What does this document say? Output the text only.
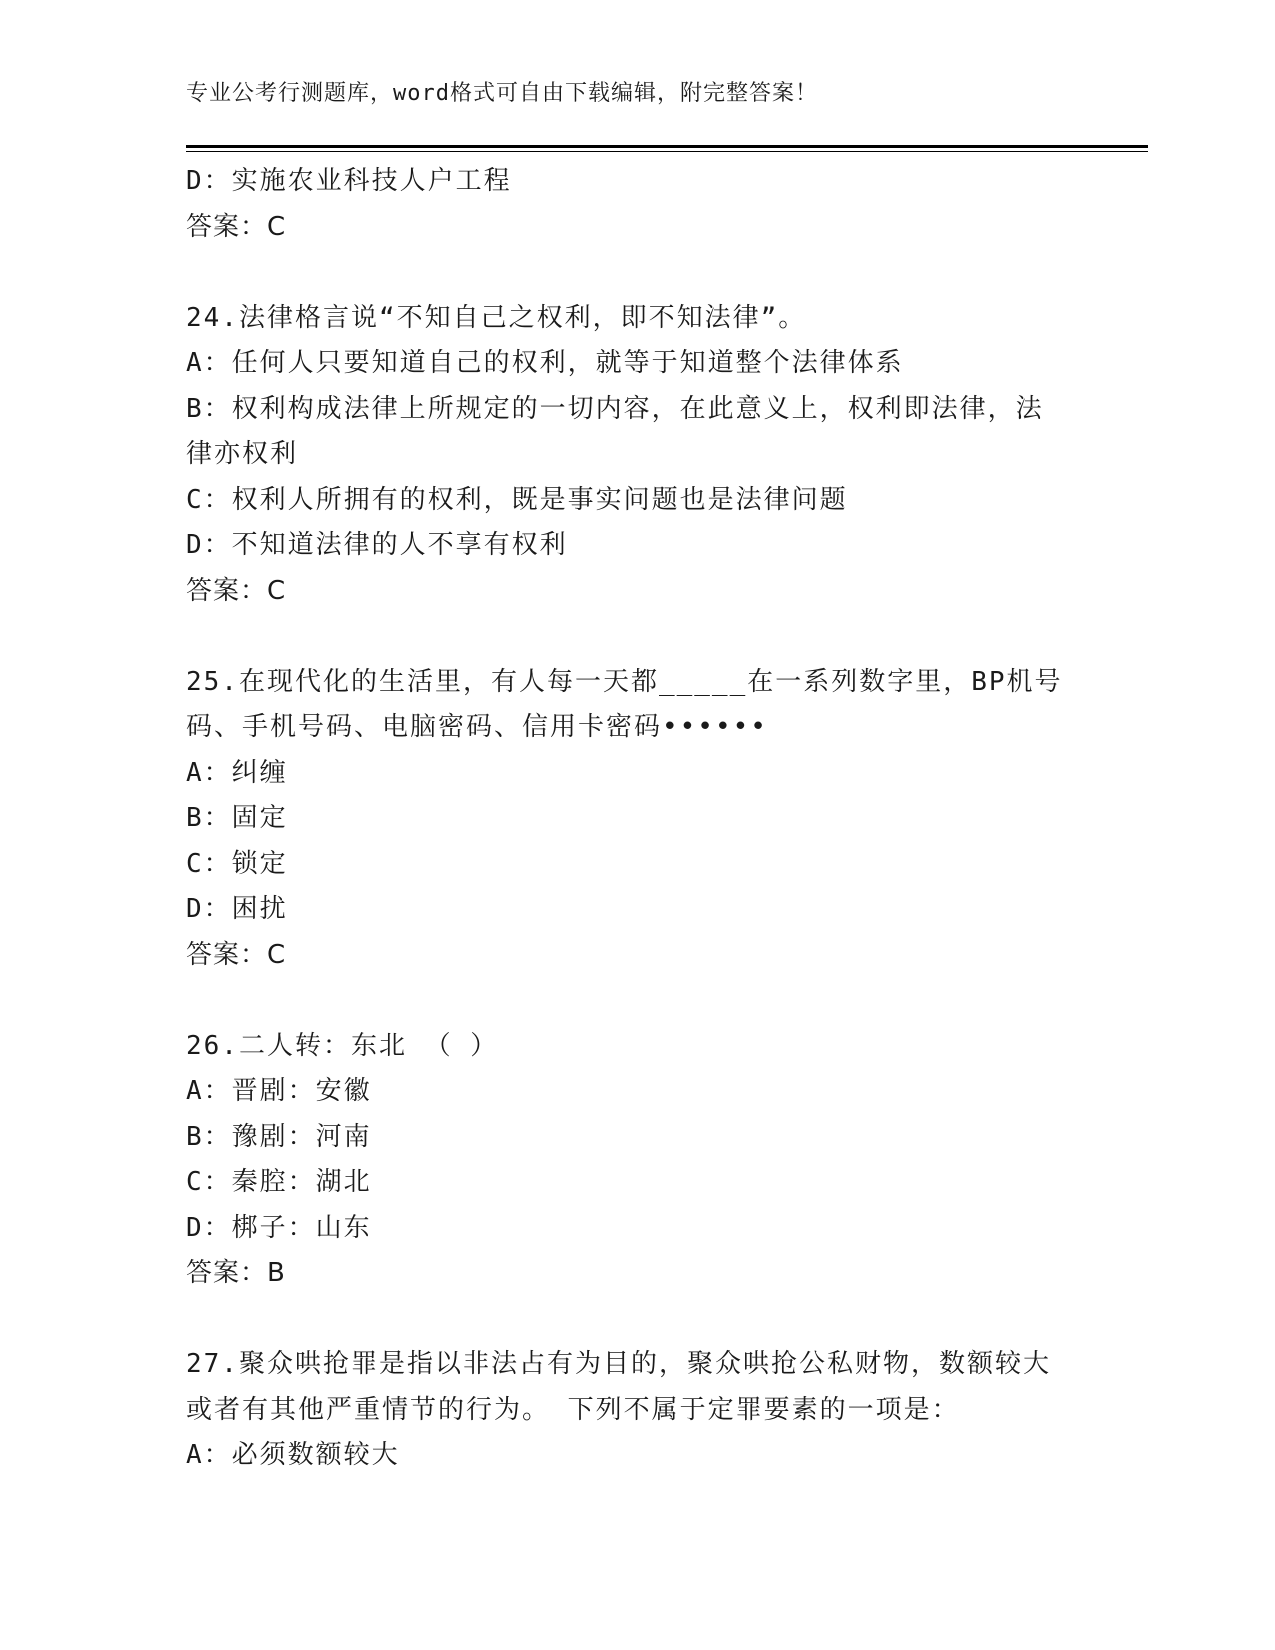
专业公考行测题库，word格式可自由下载编辑，附完整答案！
D：实施农业科技人户工程
答案：C
24.法律格言说“不知自己之权利，即不知法律”。
A：任何人只要知道自己的权利，就等于知道整个法律体系
B：权利构成法律上所规定的一切内容，在此意义上，权利即法律，法
律亦权利
C：权利人所拥有的权利，既是事实问题也是法律问题
D：不知道法律的人不享有权利
答案：C
25.在现代化的生活里，有人每一天都_____在一系列数字里，BP机号
码、手机号码、电脑密码、信用卡密码••••••
A：纠缠
B：固定
C：锁定
D：困扰
答案：C
26.二人转：东北 （ ）
A：晋剧：安徽
B：豫剧：河南
C：秦腔：湖北
D：梆子：山东
答案：B
27.聚众哄抢罪是指以非法占有为目的，聚众哄抢公私财物，数额较大
或者有其他严重情节的行为。 下列不属于定罪要素的一项是：
A：必须数额较大
